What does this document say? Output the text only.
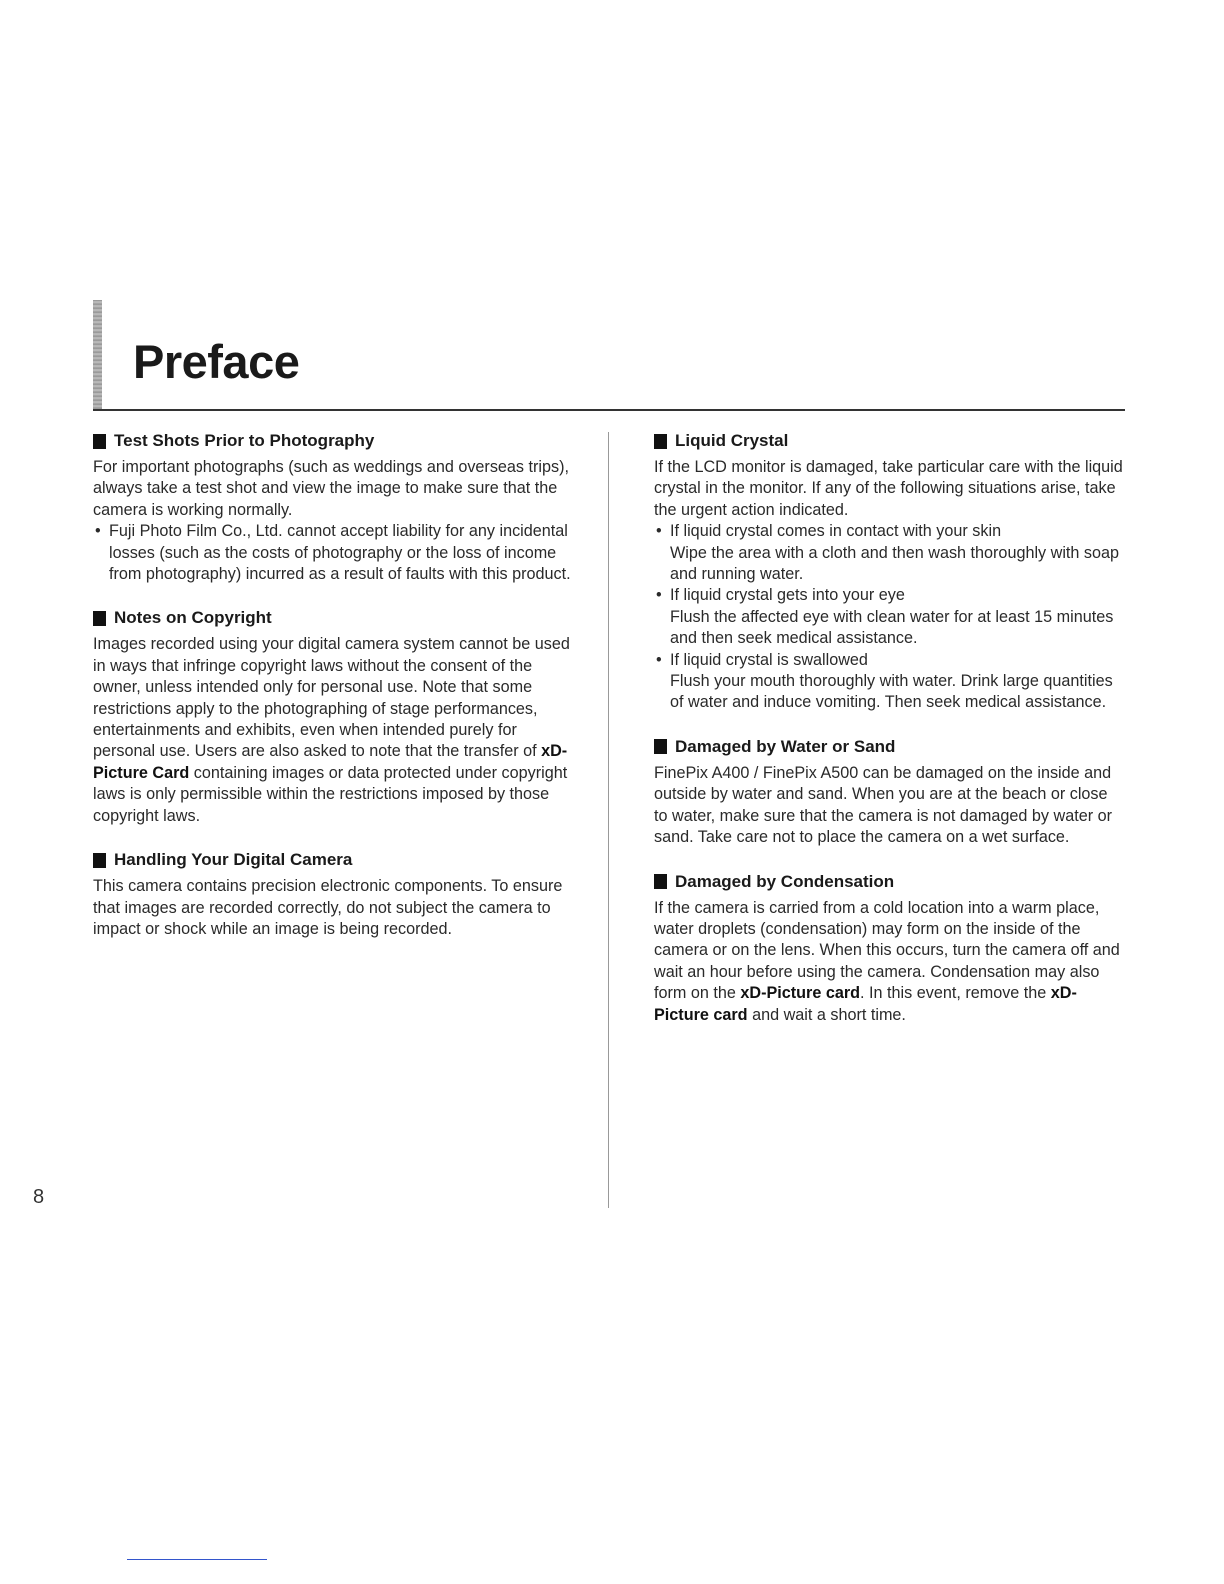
Preface
Test Shots Prior to Photography

For important photographs (such as weddings and overseas trips), always take a test shot and view the image to make sure that the camera is working normally.

• Fuji Photo Film Co., Ltd. cannot accept liability for any incidental losses (such as the costs of photography or the loss of income from photography) incurred as a result of faults with this product.
Notes on Copyright

Images recorded using your digital camera system cannot be used in ways that infringe copyright laws without the consent of the owner, unless intended only for personal use. Note that some restrictions apply to the photographing of stage performances, entertainments and exhibits, even when intended purely for personal use. Users are also asked to note that the transfer of xD-Picture Card containing images or data protected under copyright laws is only permissible within the restrictions imposed by those copyright laws.

Handling Your Digital Camera

This camera contains precision electronic components. To ensure that images are recorded correctly, do not subject the camera to impact or shock while an image is being recorded.

Liquid Crystal

If the LCD monitor is damaged, take particular care with the liquid crystal in the monitor. If any of the following situations arise, take the urgent action indicated.

• If liquid crystal comes in contact with your skin
Wipe the area with a cloth and then wash thoroughly with soap and running water.
• If liquid crystal gets into your eye
Flush the affected eye with clean water for at least 15 minutes and then seek medical assistance.
• If liquid crystal is swallowed
Flush your mouth thoroughly with water. Drink large quantities of water and induce vomiting. Then seek medical assistance.
Damaged by Water or Sand

FinePix A400 / FinePix A500 can be damaged on the inside and outside by water and sand. When you are at the beach or close to water, make sure that the camera is not damaged by water or sand. Take care not to place the camera on a wet surface.

Damaged by Condensation

If the camera is carried from a cold location into a warm place, water droplets (condensation) may form on the inside of the camera or on the lens. When this occurs, turn the camera off and wait an hour before using the camera. Condensation may also form on the xD-Picture card. In this event, remove the xD-Picture card and wait a short time.

8
